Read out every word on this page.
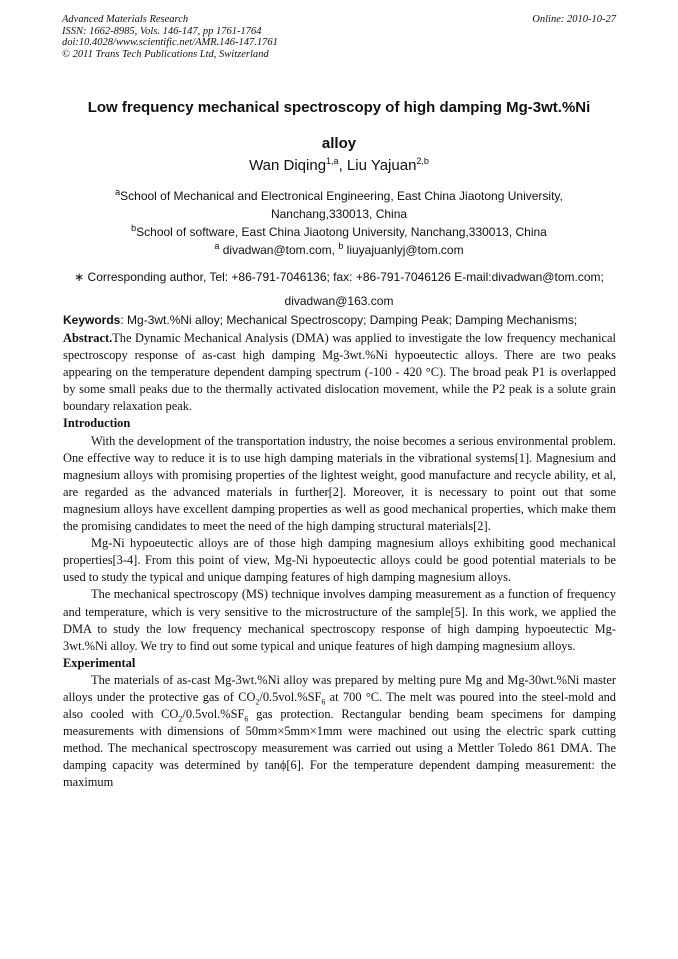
Advanced Materials Research
ISSN: 1662-8985, Vols. 146-147, pp 1761-1764
doi:10.4028/www.scientific.net/AMR.146-147.1761
© 2011 Trans Tech Publications Ltd, Switzerland
Online: 2010-10-27
Low frequency mechanical spectroscopy of high damping Mg-3wt.%Ni
alloy
Wan Diqing$^{1,a}$, Liu Yajuan$^{2,b}$
$^a$School of Mechanical and Electronical Engineering, East China Jiaotong University,
Nanchang,330013, China
$^b$School of software, East China Jiaotong University, Nanchang,330013, China
$^a$ divadwan@tom.com, $^b$ liuyajuanlyj@tom.com
∗ Corresponding author, Tel: +86-791-7046136; fax: +86-791-7046126 E-mail:divadwan@tom.com;
divadwan@163.com
Keywords: Mg-3wt.%Ni alloy; Mechanical Spectroscopy; Damping Peak; Damping Mechanisms;

Abstract.The Dynamic Mechanical Analysis (DMA) was applied to investigate the low frequency mechanical spectroscopy response of as-cast high damping Mg-3wt.%Ni hypoeutectic alloys. There are two peaks appearing on the temperature dependent damping spectrum (-100 - 420 °C). The broad peak P1 is overlapped by some small peaks due to the thermally activated dislocation movement, while the P2 peak is a solute grain boundary relaxation peak.

Introduction

With the development of the transportation industry, the noise becomes a serious environmental problem. One effective way to reduce it is to use high damping materials in the vibrational systems[1]. Magnesium and magnesium alloys with promising properties of the lightest weight, good manufacture and recycle ability, et al, are regarded as the advanced materials in further[2]. Moreover, it is necessary to point out that some magnesium alloys have excellent damping properties as well as good mechanical properties, which make them the promising candidates to meet the need of the high damping structural materials[2].

Mg-Ni hypoeutectic alloys are of those high damping magnesium alloys exhibiting good mechanical properties[3-4]. From this point of view, Mg-Ni hypoeutectic alloys could be good potential materials to be used to study the typical and unique damping features of high damping magnesium alloys.

The mechanical spectroscopy (MS) technique involves damping measurement as a function of frequency and temperature, which is very sensitive to the microstructure of the sample[5]. In this work, we applied the DMA to study the low frequency mechanical spectroscopy response of high damping hypoeutectic Mg-3wt.%Ni alloy. We try to find out some typical and unique features of high damping magnesium alloys.

Experimental

The materials of as-cast Mg-3wt.%Ni alloy was prepared by melting pure Mg and Mg-30wt.%Ni master alloys under the protective gas of $CO_2/0.5vol.\%SF_6$ at 700 °C. The melt was poured into the steel-mold and also cooled with $CO_2/0.5vol.\%SF_6$ gas protection. Rectangular bending beam specimens for damping measurements with dimensions of 50mm×5mm×1mm were machined out using the electric spark cutting method. The mechanical spectroscopy measurement was carried out using a Mettler Toledo 861 DMA. The damping capacity was determined by tanϕ[6]. For the temperature dependent damping measurement: the maximum
